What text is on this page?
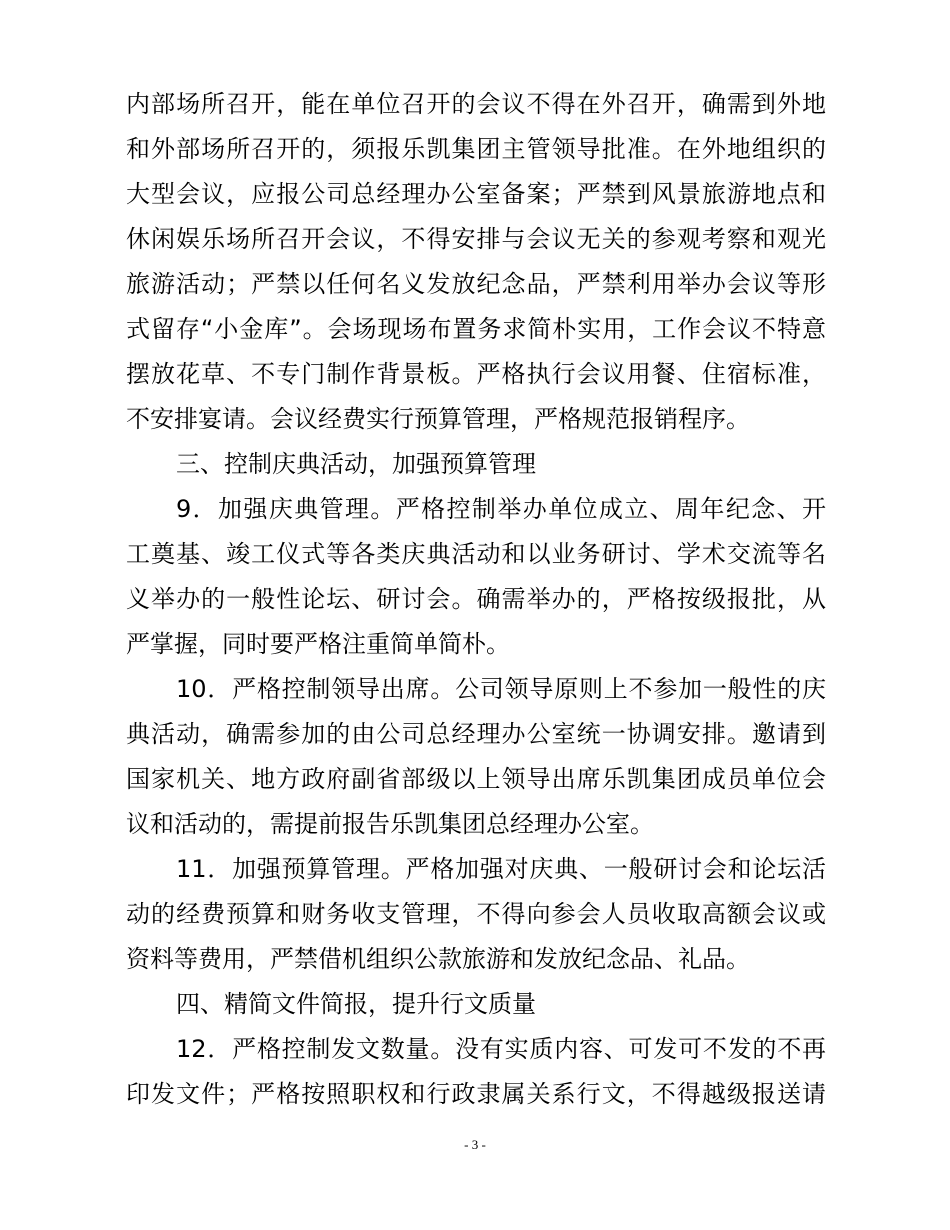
内部场所召开，能在单位召开的会议不得在外召开，确需到外地
和外部场所召开的，须报乐凯集团主管领导批准。在外地组织的
大型会议，应报公司总经理办公室备案；严禁到风景旅游地点和
休闲娱乐场所召开会议，不得安排与会议无关的参观考察和观光
旅游活动；严禁以任何名义发放纪念品，严禁利用举办会议等形
式留存“小金库”。会场现场布置务求简朴实用，工作会议不特意
摆放花草、不专门制作背景板。严格执行会议用餐、住宿标准，
不安排宴请。会议经费实行预算管理，严格规范报销程序。
三、控制庆典活动，加强预算管理
9．加强庆典管理。严格控制举办单位成立、周年纪念、开
工奠基、竣工仪式等各类庆典活动和以业务研讨、学术交流等名
义举办的一般性论坛、研讨会。确需举办的，严格按级报批，从
严掌握，同时要严格注重简单简朴。
10．严格控制领导出席。公司领导原则上不参加一般性的庆
典活动，确需参加的由公司总经理办公室统一协调安排。邀请到
国家机关、地方政府副省部级以上领导出席乐凯集团成员单位会
议和活动的，需提前报告乐凯集团总经理办公室。
11．加强预算管理。严格加强对庆典、一般研讨会和论坛活
动的经费预算和财务收支管理，不得向参会人员收取高额会议或
资料等费用，严禁借机组织公款旅游和发放纪念品、礼品。
四、精简文件简报，提升行文质量
12．严格控制发文数量。没有实质内容、可发可不发的不再
印发文件；严格按照职权和行政隶属关系行文，不得越级报送请
- 3 -
